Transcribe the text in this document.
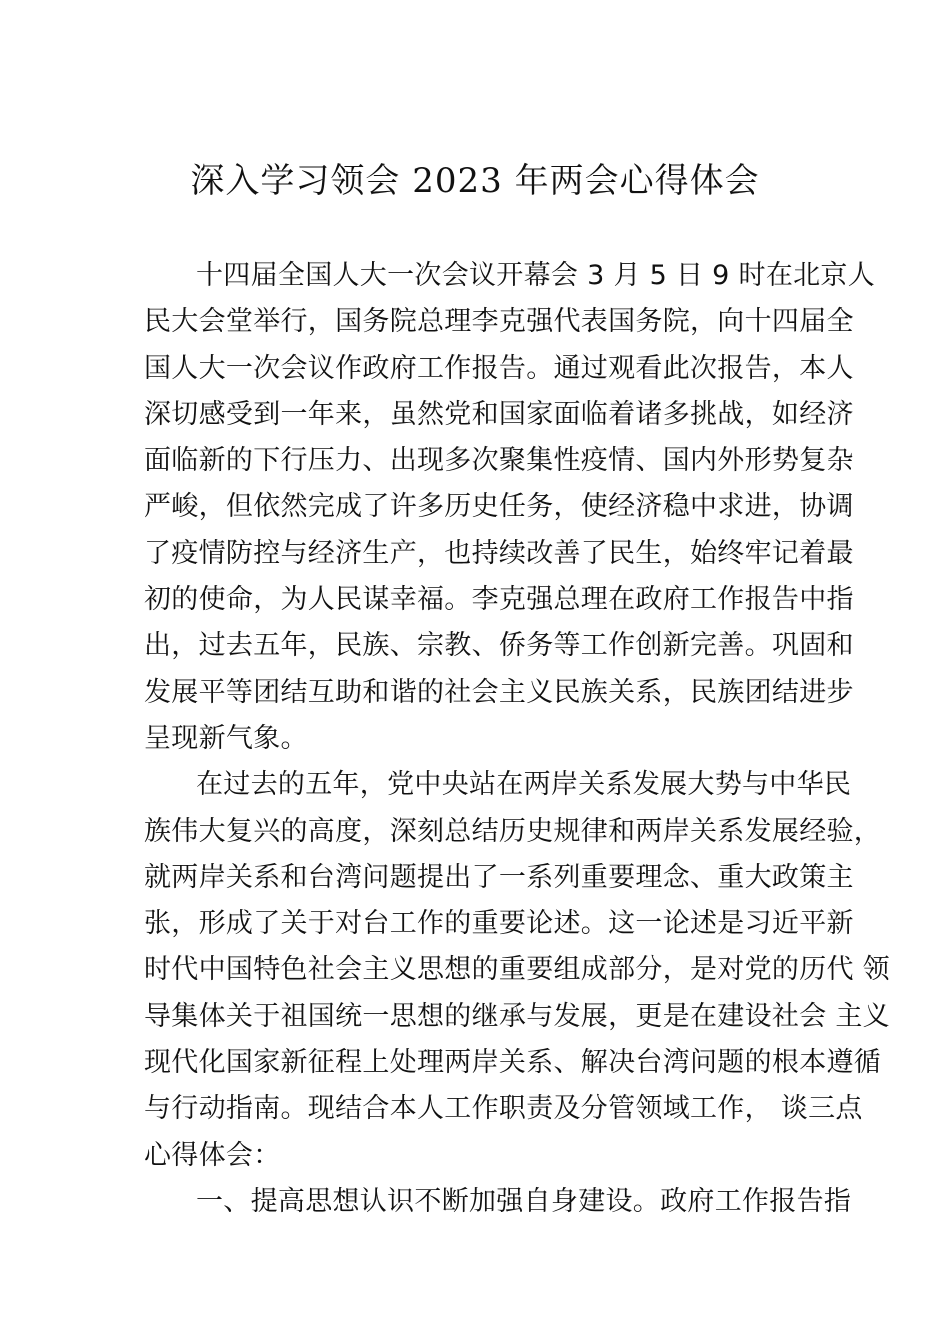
深入学习领会 2023 年两会心得体会
十四届全国人大一次会议开幕会 3 月 5 日 9 时在北京人
民大会堂举行，国务院总理李克强代表国务院，向十四届全
国人大一次会议作政府工作报告。通过观看此次报告，本人
深切感受到一年来，虽然党和国家面临着诸多挑战，如经济
面临新的下行压力、出现多次聚集性疫情、国内外形势复杂
严峻，但依然完成了许多历史任务，使经济稳中求进，协调
了疫情防控与经济生产，也持续改善了民生，始终牢记着最
初的使命，为人民谋幸福。李克强总理在政府工作报告中指
出，过去五年，民族、宗教、侨务等工作创新完善。巩固和
发展平等团结互助和谐的社会主义民族关系，民族团结进步
呈现新气象。
在过去的五年，党中央站在两岸关系发展大势与中华民
族伟大复兴的高度，深刻总结历史规律和两岸关系发展经验，
就两岸关系和台湾问题提出了一系列重要理念、重大政策主
张，形成了关于对台工作的重要论述。这一论述是习近平新
时代中国特色社会主义思想的重要组成部分，是对党的历代 领
导集体关于祖国统一思想的继承与发展，更是在建设社会 主义
现代化国家新征程上处理两岸关系、解决台湾问题的根本遵循
与行动指南。现结合本人工作职责及分管领域工作， 谈三点
心得体会：
一、提高思想认识不断加强自身建设。政府工作报告指
